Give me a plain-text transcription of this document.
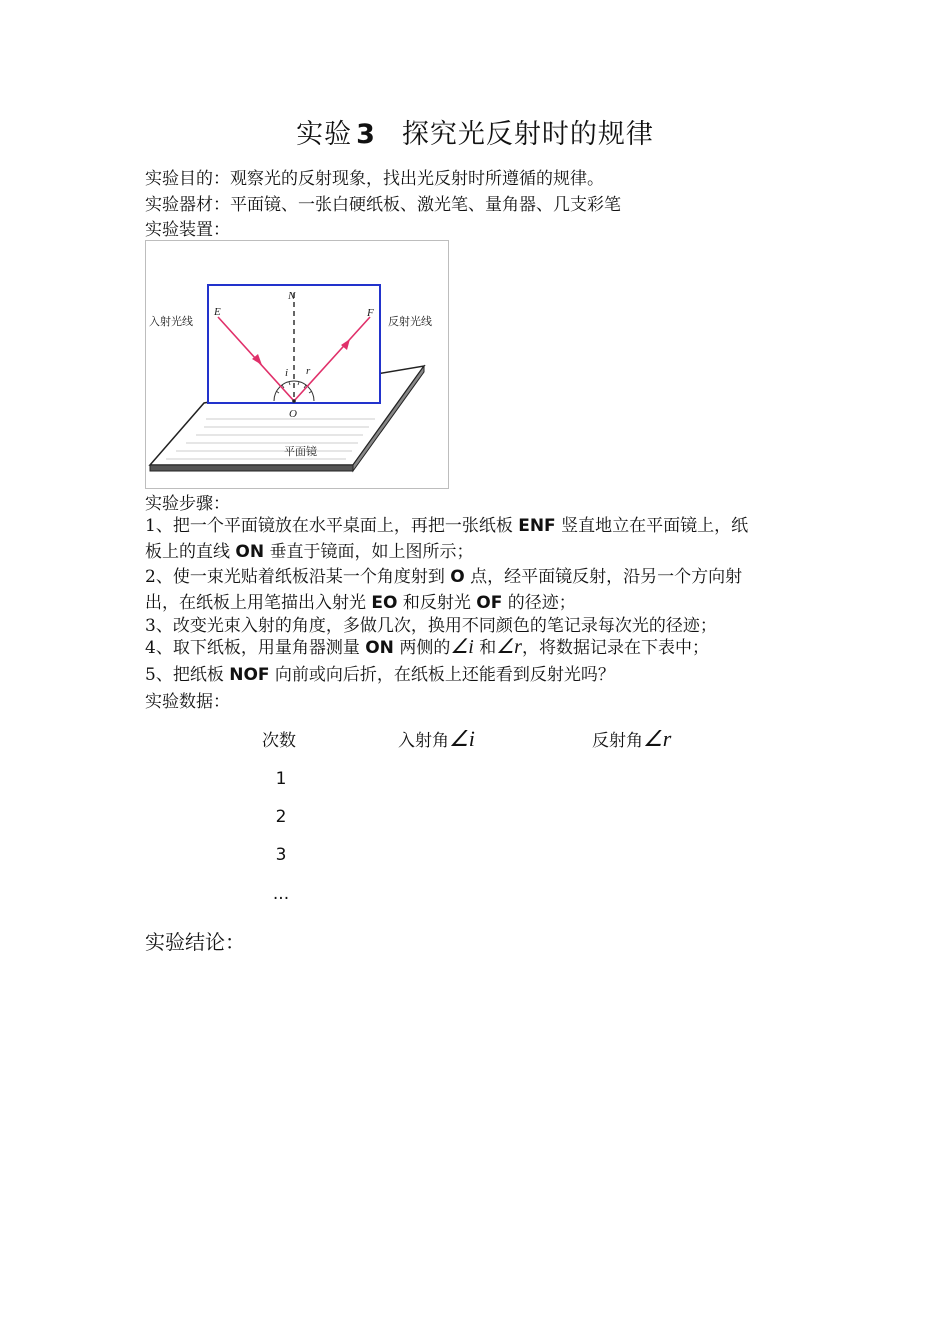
实验 3 探究光反射时的规律
实验目的：观察光的反射现象，找出光反射时所遵循的规律。
实验器材：平面镜、一张白硬纸板、激光笔、量角器、几支彩笔
实验装置：
N
E	F
i r
O
入射光线	反射光线
平面镜
实验步骤：
1、把一个平面镜放在水平桌面上，再把一张纸板 ENF 竖直地立在平面镜上，纸
板上的直线 ON 垂直于镜面，如上图所示；
2、使一束光贴着纸板沿某一个角度射到 O 点，经平面镜反射，沿另一个方向射
出，在纸板上用笔描出入射光 EO 和反射光 OF 的径迹；
3、改变光束入射的角度，多做几次，换用不同颜色的笔记录每次光的径迹；
4、取下纸板，用量角器测量 ON 两侧的∠i 和∠r，将数据记录在下表中；
5、把纸板 NOF 向前或向后折，在纸板上还能看到反射光吗？
实验数据：
次数	入射角∠i	反射角∠r
1
2
3
...
实验结论：
